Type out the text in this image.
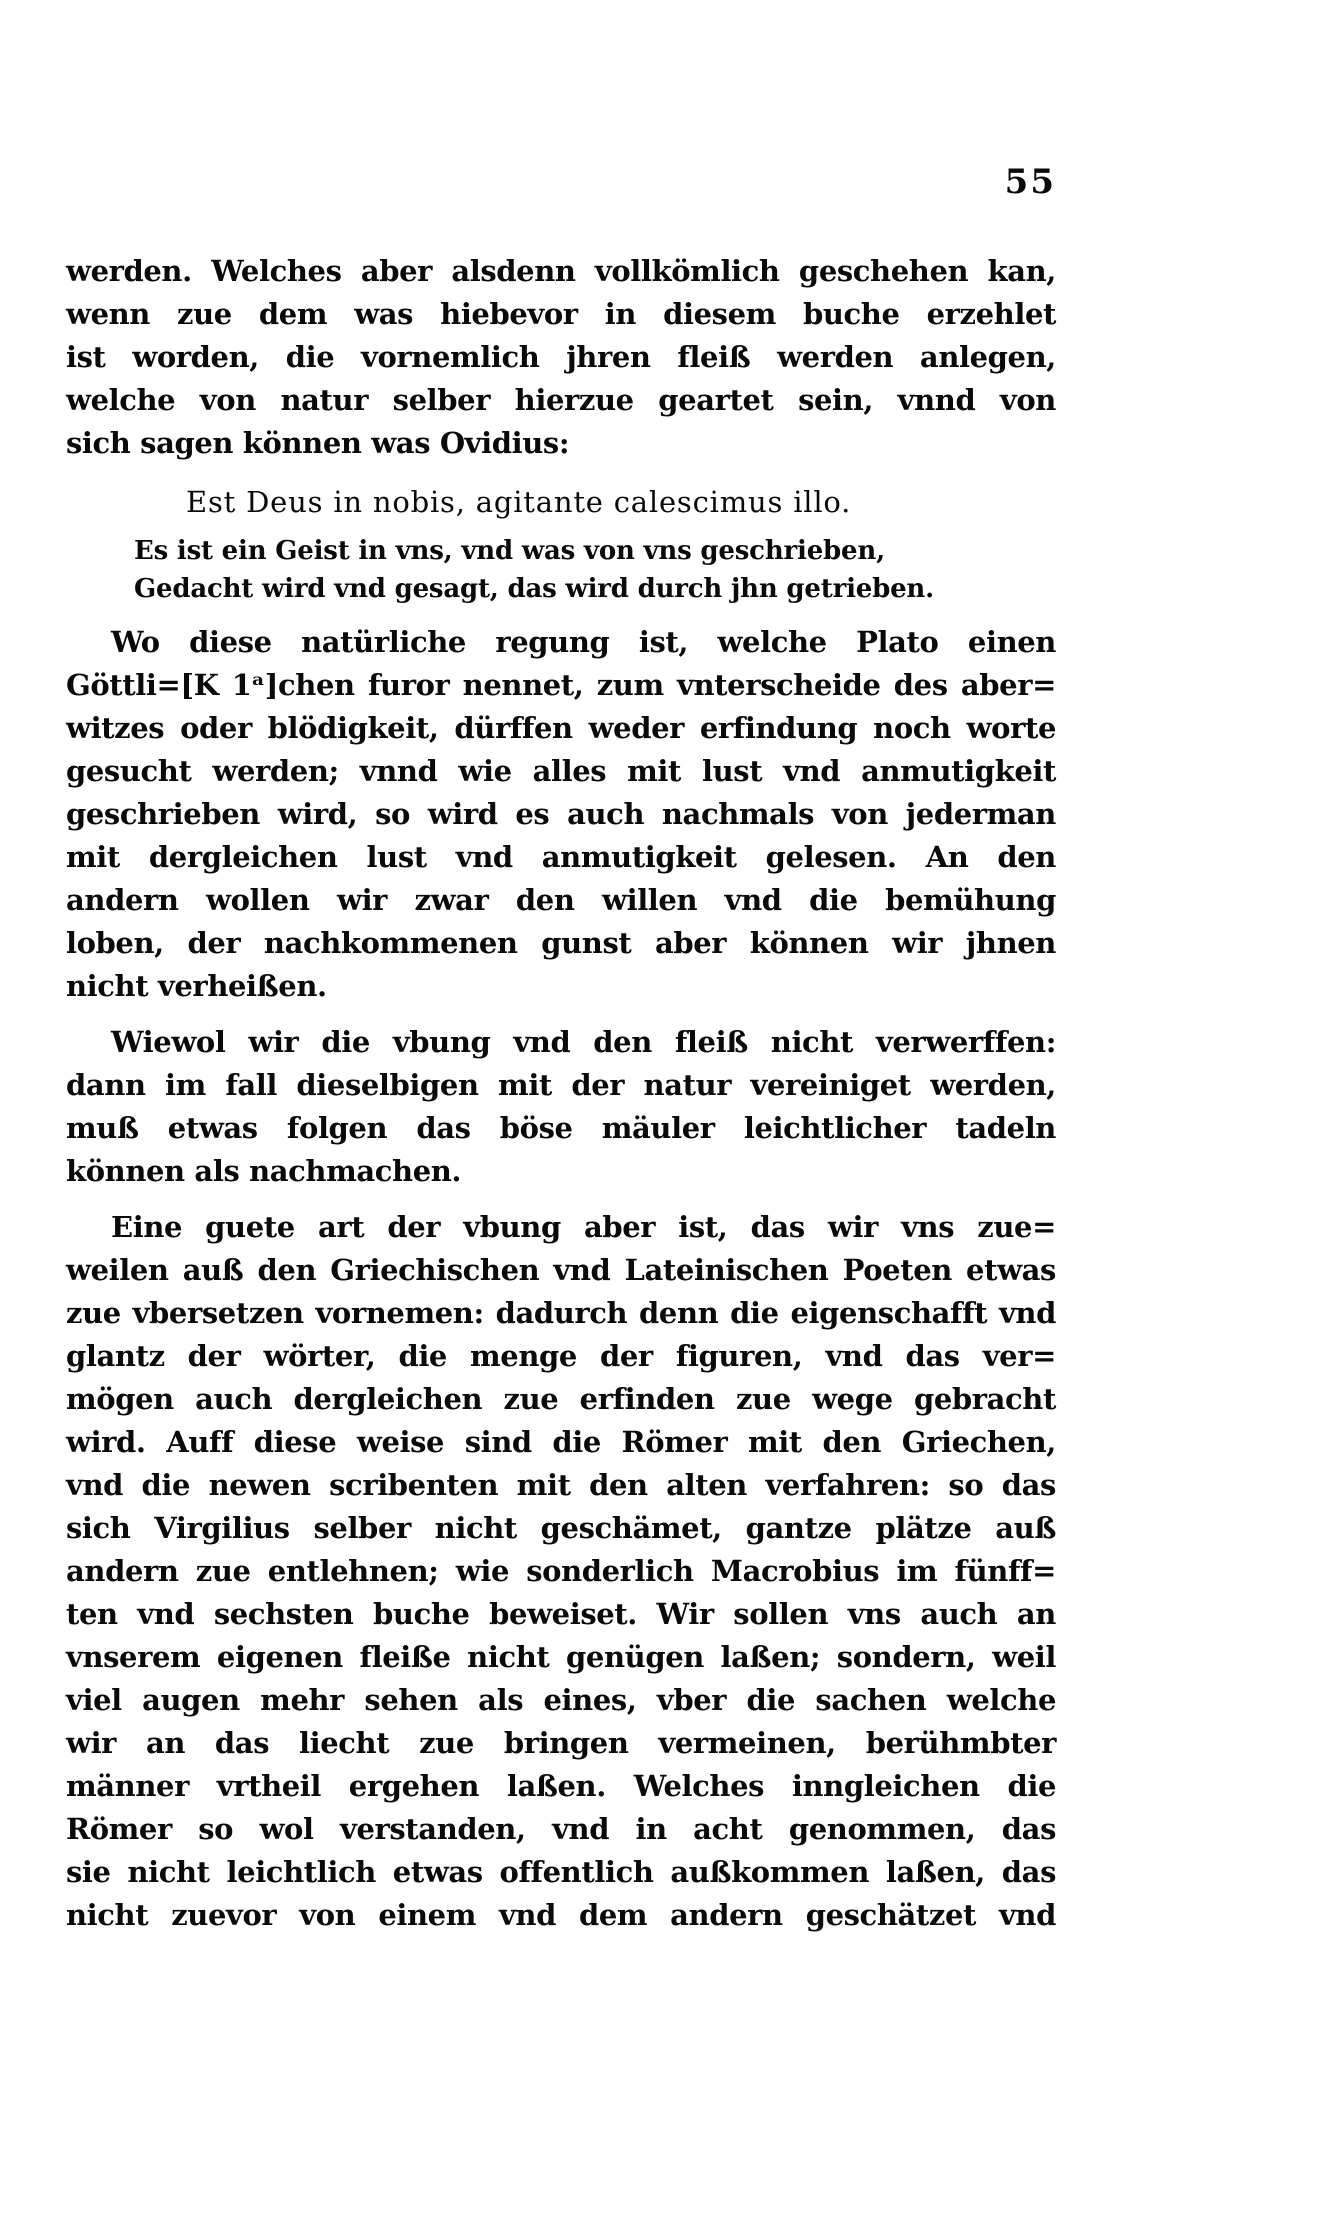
55
werden. Welches aber alsdenn vollkömlich geschehen kan,
wenn zue dem was hiebevor in diesem buche erzehlet
ist worden, die vornemlich jhren fleiß werden anlegen,
welche von natur selber hierzue geartet sein, vnnd von
sich sagen können was Ovidius:
Est Deus in nobis, agitante calescimus illo.
Es ist ein Geist in vns, vnd was von vns geschrieben,
Gedacht wird vnd gesagt, das wird durch jhn getrieben.
Wo diese natürliche regung ist, welche Plato einen
Göttli=[K 1ᵃ]chen furor nennet, zum vnterscheide des aber=
witzes oder blödigkeit, dürffen weder erfindung noch worte
gesucht werden; vnnd wie alles mit lust vnd anmutigkeit
geschrieben wird, so wird es auch nachmals von jederman
mit dergleichen lust vnd anmutigkeit gelesen. An den
andern wollen wir zwar den willen vnd die bemühung
loben, der nachkommenen gunst aber können wir jhnen
nicht verheißen.
Wiewol wir die vbung vnd den fleiß nicht verwerffen:
dann im fall dieselbigen mit der natur vereiniget werden,
muß etwas folgen das böse mäuler leichtlicher tadeln
können als nachmachen.
Eine guete art der vbung aber ist, das wir vns zue=
weilen auß den Griechischen vnd Lateinischen Poeten etwas
zue vbersetzen vornemen: dadurch denn die eigenschafft vnd
glantz der wörter, die menge der figuren, vnd das ver=
mögen auch dergleichen zue erfinden zue wege gebracht
wird. Auff diese weise sind die Römer mit den Griechen,
vnd die newen scribenten mit den alten verfahren: so das
sich Virgilius selber nicht geschämet, gantze plätze auß
andern zue entlehnen; wie sonderlich Macrobius im fünff=
ten vnd sechsten buche beweiset. Wir sollen vns auch an
vnserem eigenen fleiße nicht genügen laßen; sondern, weil
viel augen mehr sehen als eines, vber die sachen welche
wir an das liecht zue bringen vermeinen, berühmbter
männer vrtheil ergehen laßen. Welches inngleichen die
Römer so wol verstanden, vnd in acht genommen, das
sie nicht leichtlich etwas offentlich außkommen laßen, das
nicht zuevor von einem vnd dem andern geschätzet vnd
